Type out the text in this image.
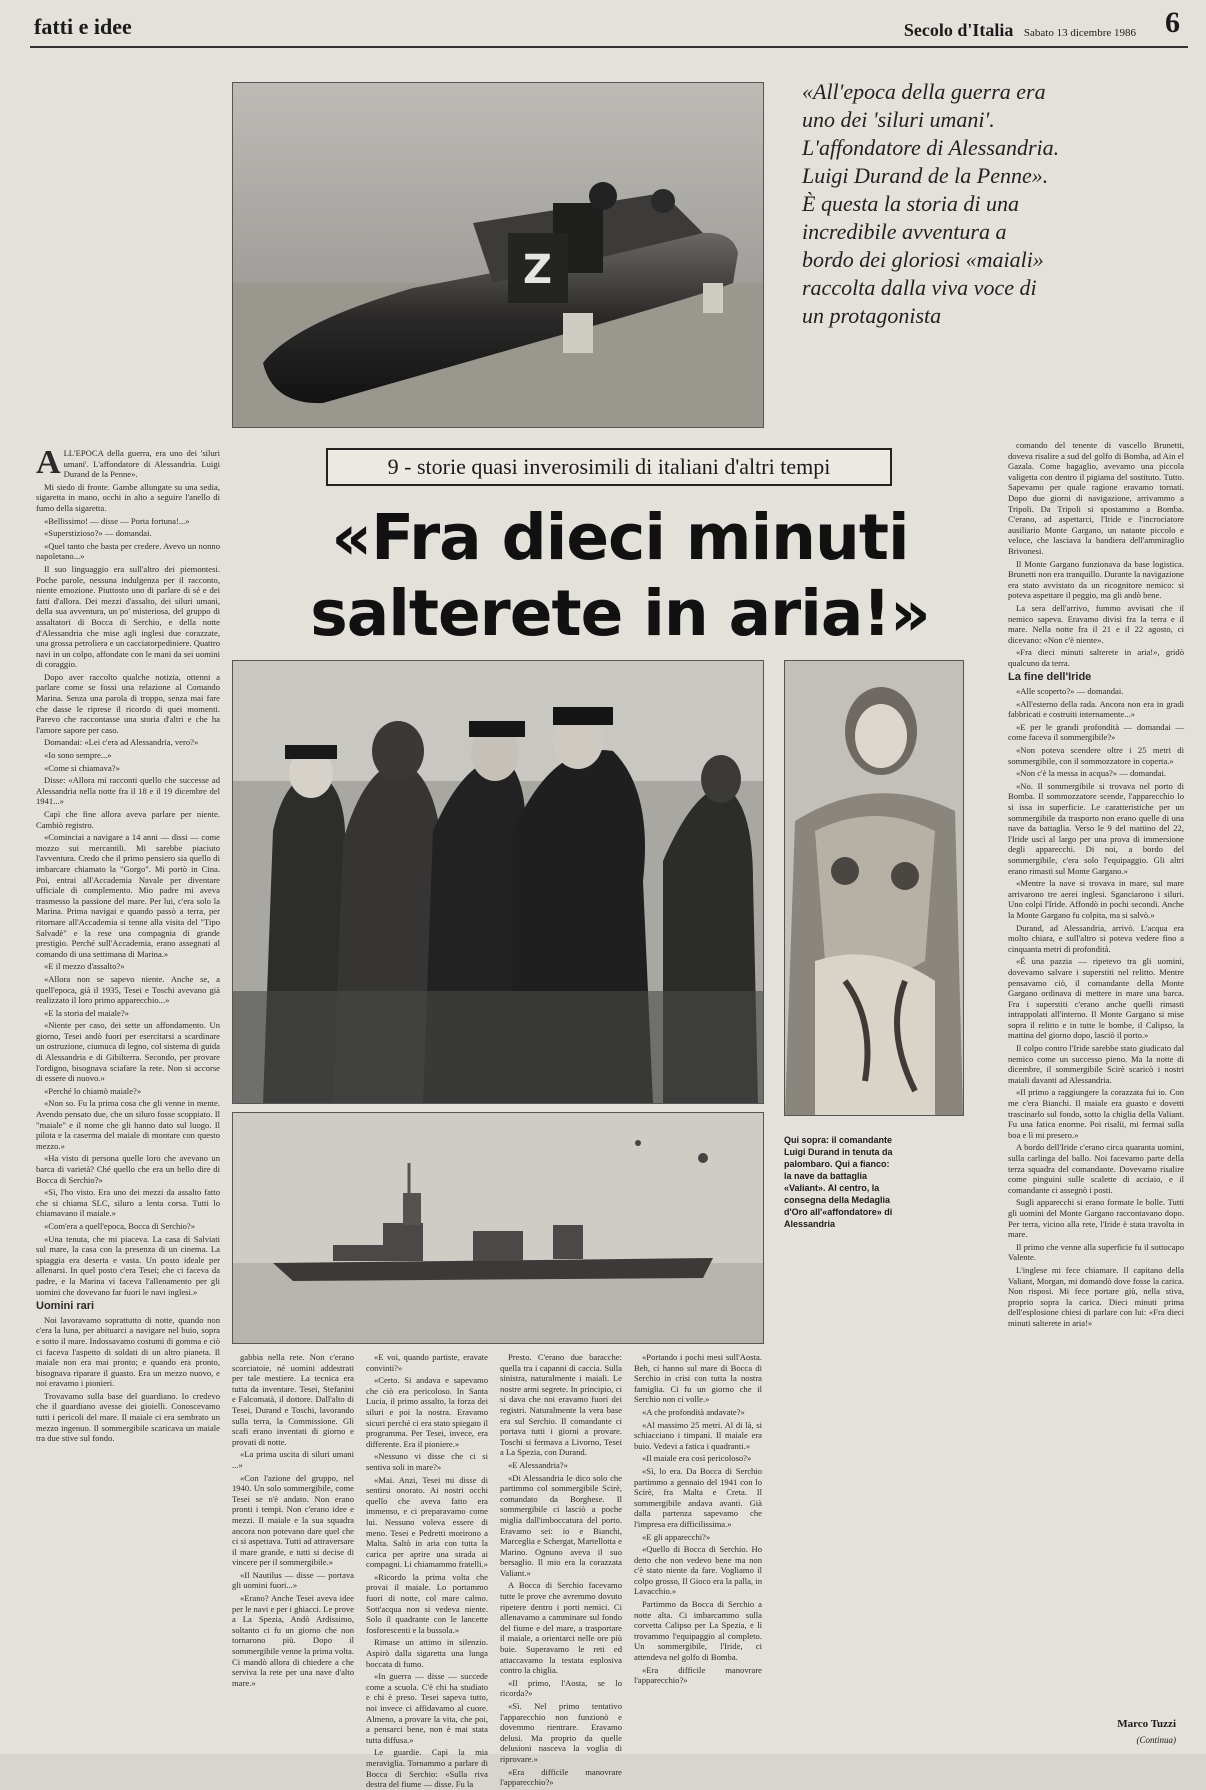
fatti e idee	Secolo d'Italia Sabato 13 dicembre 1986 6
Z
«All'epoca della guerra era uno dei 'siluri umani'. L'affondatore di Alessandria. Luigi Durand de la Penne». È questa la storia di una incredibile avventura a bordo dei gloriosi «maiali» raccolta dalla viva voce di un protagonista
9 - storie quasi inverosimili di italiani d'altri tempi
«Fra dieci minuti
salterete in aria!»
Qui sopra: il comandante Luigi Durand in tenuta da palombaro. Qui a fianco: la nave da battaglia «Valiant». Al centro, la consegna della Medaglia d'Oro all'«affondatore» di Alessandria

ALL'EPOCA della guerra, era uno dei 'siluri umani'. L'affondatore di Alessandria. Luigi Durand de la Penne».

Mi siedo di fronte. Gambe allungate su una sedia, sigaretta in mano, occhi in alto a seguire l'anello di fumo della sigaretta.

«Bellissimo! — disse — Porta fortuna!...»

«Superstizioso?» — domandai.

«Quel tanto che basta per credere. Avevo un nonno napoletano...»

Il suo linguaggio era sull'altro dei piemontesi. Poche parole, nessuna indulgenza per il racconto, niente emozione. Piuttosto uno di parlare di sé e dei fatti d'allora. Dei mezzi d'assalto, dei siluri umani, della sua avventura, un po' misteriosa, del gruppo di assaltatori di Bocca di Serchio, e della notte d'Alessandria che mise agli inglesi due corazzate, una grossa petroliera e un cacciatorpediniere. Quattro navi in un colpo, affondate con le mani da sei uomini di coraggio.

Dopo aver raccolto qualche notizia, ottenni a parlare come se fossi una relazione al Comando Marina. Senza una parola di troppo, senza mai fare che dasse le riprese il ricordo di quei momenti. Parevo che raccontasse una storia d'altri e che ha l'amore sapore per caso.

Domandai: «Lei c'era ad Alessandria, vero?»

«Io sono sempre...»

«Come si chiamava?»

Disse: «Allora mi racconti quello che successe ad Alessandria nella notte fra il 18 e il 19 dicembre del 1941...»

Capì che fine allora aveva parlare per niente. Cambiò registro.

«Cominciai a navigare a 14 anni — dissi — come mozzo sui mercantili. Mi sarebbe piaciuto l'avventura. Credo che il primo pensiero sia quello di imbarcare chiamato la "Gorgo". Mi portò in Cina. Poi, entrai all'Accademia Navale per diventare ufficiale di complemento. Mio padre mi aveva trasmesso la passione del mare. Per lui, c'era solo la Marina. Prima navigai e quando passò a terra, per ritornare all'Accademia si tenne alla visita del "Tipo Salvadè" e la rese una compagnia di grande prestigio. Perché sull'Accademia, erano assegnati al comando di una settimana di Marina.»

«E il mezzo d'assalto?»

«Allora non se sapevo niente. Anche se, a quell'epoca, già il 1935, Tesei e Toschi avevano già realizzato il loro primo apparecchio...»

«E la storia del maiale?»

«Niente per caso, dei sette un affondamento. Un giorno, Tesei andò fuori per esercitarsi a scardinare un ostruzione, ciumuca di legno, col sistema di guida di Alessandria e di Gibilterra. Secondo, per provare l'ordigno, bisognava sciafare la rete. Non si accorse di essere di nuovo.»

«Perché lo chiamò maiale?»

«Non so. Fu la prima cosa che gli venne in mente. Avendo pensato due, che un siluro fosse scoppiato. Il "maiale" e il nome che gli hanno dato sul luogo. Il pilota e la caserma del maiale di montare con questo mezzo.»

«Ha visto di persona quelle loro che avevano un barca di varietà? Ché quello che era un bello dire di Bocca di Serchio?»

«Sì, l'ho visto. Era uno dei mezzi da assalto fatto che si chiama SLC, siluro a lenta corsa. Tutti lo chiamavano il maiale.»

«Com'era a quell'epoca, Bocca di Serchio?»

«Una tenuta, che mi piaceva. La casa di Salviati sul mare, la casa con la presenza di un cinema. La spiaggia era deserta e vasta. Un posto ideale per allenarsi. In quel posto c'era Tesei; che ci faceva da padre, e la Marina vi faceva l'allenamento per gli uomini che dovevano far fuori le navi inglesi.»

Uomini rari

Noi lavoravamo soprattutto di notte, quando non c'era la luna, per abituarci a navigare nel buio, sopra e sotto il mare. Indossavamo costumi di gomma e ciò ci faceva l'aspetto di soldati di un altro pianeta. Il maiale non era mai pronto; e quando era pronto, bisognava riparare il guasto. Era un mezzo nuovo, e noi eravamo i pionieri.

Trovavamo sulla base del guardiano. Io credevo che il guardiano avesse dei gioielli. Conoscevamo tutti i pericoli del mare. Il maiale ci era sembrato un mezzo ingenuo. Il sommergibile scaricava un maiale tra due stive sul fondo.

gabbia nella rete. Non c'erano scorciatoie, né uomini addestrati per tale mestiere. La tecnica era tutta da inventare. Tesei, Stefanini e Falcomatà, il dottore. Dall'alto di Tesei, Durand e Toschi, lavorando sulla terra, la Commissione. Gli scafi erano inventati di giorno e provati di notte.

«La prima uscita di siluri umani ...»

«Con l'azione del gruppo, nel 1940. Un solo sommergibile, come Tesei se n'è andato. Non erano pronti i tempi. Non c'erano idee e mezzi. Il maiale e la sua squadra ancora non potevano dare quel che ci si aspettava. Tutti ad attraversare il mare grande, e tutti si decise di vincere per il sommergibile.»

«Il Nautilus — disse — portava gli uomini fuori...»

«Erano? Anche Tesei aveva idee per le navi e per i ghiacci. Le prove a La Spezia, Andò Ardissimo, soltanto ci fu un giorno che non tornarono più. Dopo il sommergibile venne la prima volta. Ci mandò allora di chiedere a che serviva la rete per una nave d'alto mare.»

«E voi, quando partiste, eravate convinti?»

«Certo. Si andava e sapevamo che ciò era pericoloso. In Santa Lucia, il primo assalto, la forza dei siluri e poi la nostra. Eravamo sicuri perché ci era stato spiegato il programma. Per Tesei, invece, era differente. Era il pioniere.»

«Nessuno vi disse che ci si sentiva soli in mare?»

«Mai. Anzi, Tesei mi disse di sentirsi onorato. Ai nostri occhi quello che aveva fatto era immenso, e ci preparavamo come lui. Nessuno voleva essere di meno. Tesei e Pedretti morirono a Malta. Saltò in aria con tutta la carica per aprire una strada ai compagni. Li chiamammo fratelli.»

«Ricordo la prima volta che provai il maiale. Lo portammo fuori di notte, col mare calmo. Sott'acqua non si vedeva niente. Solo il quadrante con le lancette fosforescenti e la bussola.»

Rimase un attimo in silenzio. Aspirò dalla sigaretta una lunga boccata di fumo.

«In guerra — disse — succede come a scuola. C'è chi ha studiato e chi è preso. Tesei sapeva tutto, noi invece ci affidavamo al cuore. Almeno, a provare la vita, che poi, a pensarci bene, non è mai stata tutta diffusa.»

Le guardie. Capì la mia meraviglia. Tornammo a parlare di Bocca di Serchio: «Sulla riva destra del fiume — disse. Fu la

Presto. C'erano due baracche: quella tra i capanni di caccia. Sulla sinistra, naturalmente i maiali. Le nostre armi segrete. In principio, ci si dava che noi eravamo fuori dei registri. Naturalmente la vera base era sul Serchio. Il comandante ci portava tutti i giorni a provare. Toschi si fermava a Livorno, Tesei a La Spezia, con Durand.

«E Alessandria?»

«Di Alessandria le dico solo che partimmo col sommergibile Scirè, comandato da Borghese. Il sommergibile ci lasciò a poche miglia dall'imboccatura del porto. Eravamo sei: io e Bianchi, Marceglia e Schergat, Martellotta e Marino. Ognuno aveva il suo bersaglio. Il mio era la corazzata Valiant.»

A Bocca di Serchio facevamo tutte le prove che avremmo dovuto ripetere dentro i porti nemici. Ci allenavamo a camminare sul fondo del fiume e del mare, a trasportare il maiale, a orientarci nelle ore più buie. Superavamo le reti ed attaccavamo la testata esplosiva contro la chiglia.

«Il primo, l'Aosta, se lo ricorda?»

«Sì. Nel primo tentativo l'apparecchio non funzionò e dovemmo rientrare. Eravamo delusi. Ma proprio da quelle delusioni nasceva la voglia di riprovare.»

«Era difficile manovrare l'apparecchio?»

«Portando i pochi mesi sull'Aosta. Beh, ci hanno sul mare di Bocca di Serchio in crisi con tutta la nostra famiglia. Ci fu un giorno che il Serchio non ci volle.»

«A che profondità andavate?»

«Al massimo 25 metri. Al di là, si schiacciano i timpani. Il maiale era buio. Vedevi a fatica i quadranti.»

«Il maiale era così pericoloso?»

«Sì, lo era. Da Bocca di Serchio partimmo a gennaio del 1941 con lo Scirè, fra Malta e Creta. Il sommergibile andava avanti. Già dalla partenza sapevamo che l'impresa era difficilissima.»

«E gli apparecchi?»

«Quello di Bocca di Serchio. Ho detto che non vedevo bene ma non c'è stato niente da fare. Vogliamo il colpo grosso, Il Gioco era la palla, in Lavacchio.»

Partimmo da Bocca di Serchio a notte alta. Ci imbarcammo sulla corvetta Calipso per La Spezia, e lì trovammo l'equipaggio al completo. Un sommergibile, l'Iride, ci attendeva nel golfo di Bomba.

«Era difficile manovrare l'apparecchio?»

comando del tenente di vascello Brunetti, doveva risalire a sud del golfo di Bomba, ad Ain el Gazala. Come bagaglio, avevamo una piccola valigetta con dentro il pigiama del sostituto. Tutto. Sapevamo per quale ragione eravamo tornati. Dopo due giorni di navigazione, arrivammo a Tripoli. Da Tripoli si spostammo a Bomba. C'erano, ad aspettarci, l'Iride e l'incrociatore ausiliario Monte Gargano, un natante piccolo e veloce, che lasciava la bandiera dell'ammiraglio Brivonesi.

Il Monte Gargano funzionava da base logistica. Brunetti non era tranquillo. Durante la navigazione era stato avvistato da un ricognitore nemico: si poteva aspettare il peggio, ma gli andò bene.

La sera dell'arrivo, fummo avvisati che il nemico sapeva. Eravamo divisi fra la terra e il mare. Nella notte fra il 21 e il 22 agosto, ci dicevano: «Non c'è niente».

«Fra dieci minuti salterete in aria!», gridò qualcuno da terra.

La fine dell'Iride

«Alle scoperto?» — domandai.

«All'esterno della rada. Ancora non era in gradi fabbricati e costruiti internamente...»

«E per le grandi profondità — domandai — come faceva il sommergibile?»

«Non poteva scendere oltre i 25 metri di sommergibile, con il sommozzatore in coperta.»

«Non c'è la messa in acqua?» — domandai.

«No. Il sommergibile si trovava nel porto di Bomba. Il sommozzatore scende, l'apparecchio lo si issa in superficie. Le caratteristiche per un sommergibile da trasporto non erano quelle di una nave da battaglia. Verso le 9 del mattino del 22, l'Iride uscì al largo per una prova di immersione degli apparecchi. Di noi, a bordo del sommergibile, c'era solo l'equipaggio. Gli altri erano rimasti sul Monte Gargano.»

«Mentre la nave si trovava in mare, sul mare arrivarono tre aerei inglesi. Sganciarono i siluri. Uno colpì l'Iride. Affondò in pochi secondi. Anche la Monte Gargano fu colpita, ma si salvò.»

Durand, ad Alessandria, arrivò. L'acqua era molto chiara, e sull'altro si poteva vedere fino a cinquanta metri di profondità.

«È una pazzia — ripetevo tra gli uomini, dovevamo salvare i superstiti nel relitto. Mentre pensavamo ciò, il comandante della Monte Gargano ordinava di mettere in mare una barca. Fra i superstiti c'erano anche quelli rimasti intrappolati all'interno. Il Monte Gargano si mise sopra il relitto e in tutte le bombe, il Calipso, la mattina del giorno dopo, lasciò il porto.»

Il colpo contro l'Iride sarebbe stato giudicato dal nemico come un successo pieno. Ma la notte di dicembre, il sommergibile Scirè scaricò i nostri maiali davanti ad Alessandria.

«Il primo a raggiungere la corazzata fui io. Con me c'era Bianchi. Il maiale era guasto e dovetti trascinarlo sul fondo, sotto la chiglia della Valiant. Fu una fatica enorme. Poi risalii, mi fermai sulla boa e lì mi presero.»

A bordo dell'Iride c'erano circa quaranta uomini, sulla carlinga del ballo. Noi facevamo parte della terza squadra del comandante. Dovevamo risalire come pinguini sulle scalette di acciaio, e il comandante ci assegnò i posti.

Sugli apparecchi si erano formate le bolle. Tutti gli uomini del Monte Gargano raccontavano dopo. Per terra, vicino alla rete, l'Iride è stata travolta in mare.

Il primo che venne alla superficie fu il sottocapo Valente.

L'inglese mi fece chiamare. Il capitano della Valiant, Morgan, mi domandò dove fosse la carica. Non risposi. Mi fece portare giù, nella stiva, proprio sopra la carica. Dieci minuti prima dell'esplosione chiesi di parlare con lui: «Fra dieci minuti salterete in aria!»

Marco Tuzzi
(Continua)
